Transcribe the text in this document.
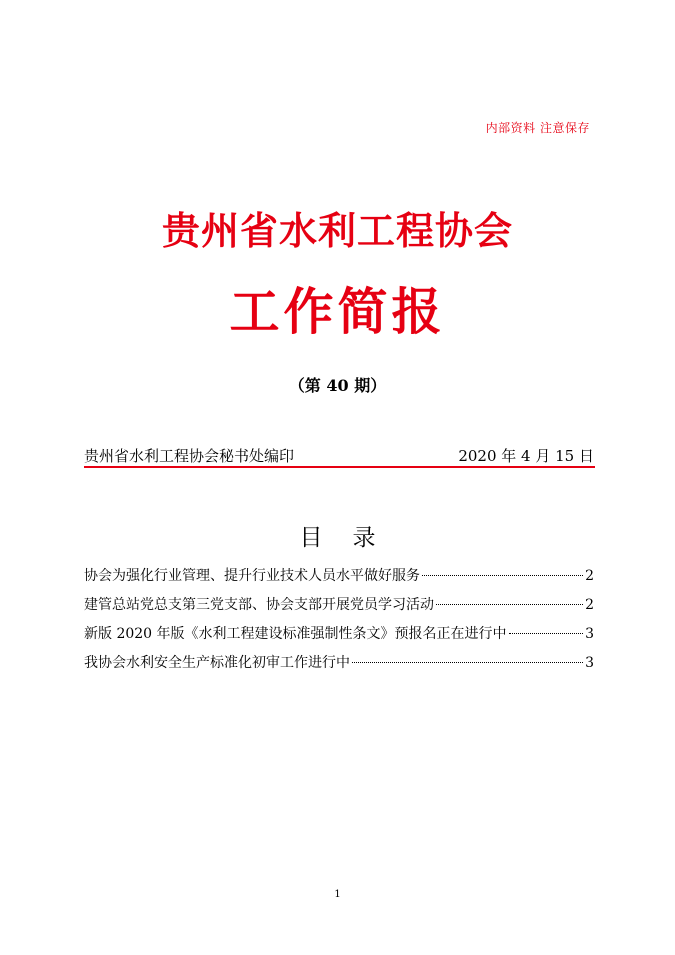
内部资料 注意保存
贵州省水利工程协会
工作简报
（第 40 期）
贵州省水利工程协会秘书处编印	2020 年 4 月 15 日
目录
协会为强化行业管理、提升行业技术人员水平做好服务	2
建管总站党总支第三党支部、协会支部开展党员学习活动	2
新版 2020 年版《水利工程建设标准强制性条文》预报名正在进行中	3
我协会水利安全生产标准化初审工作进行中	3
1
